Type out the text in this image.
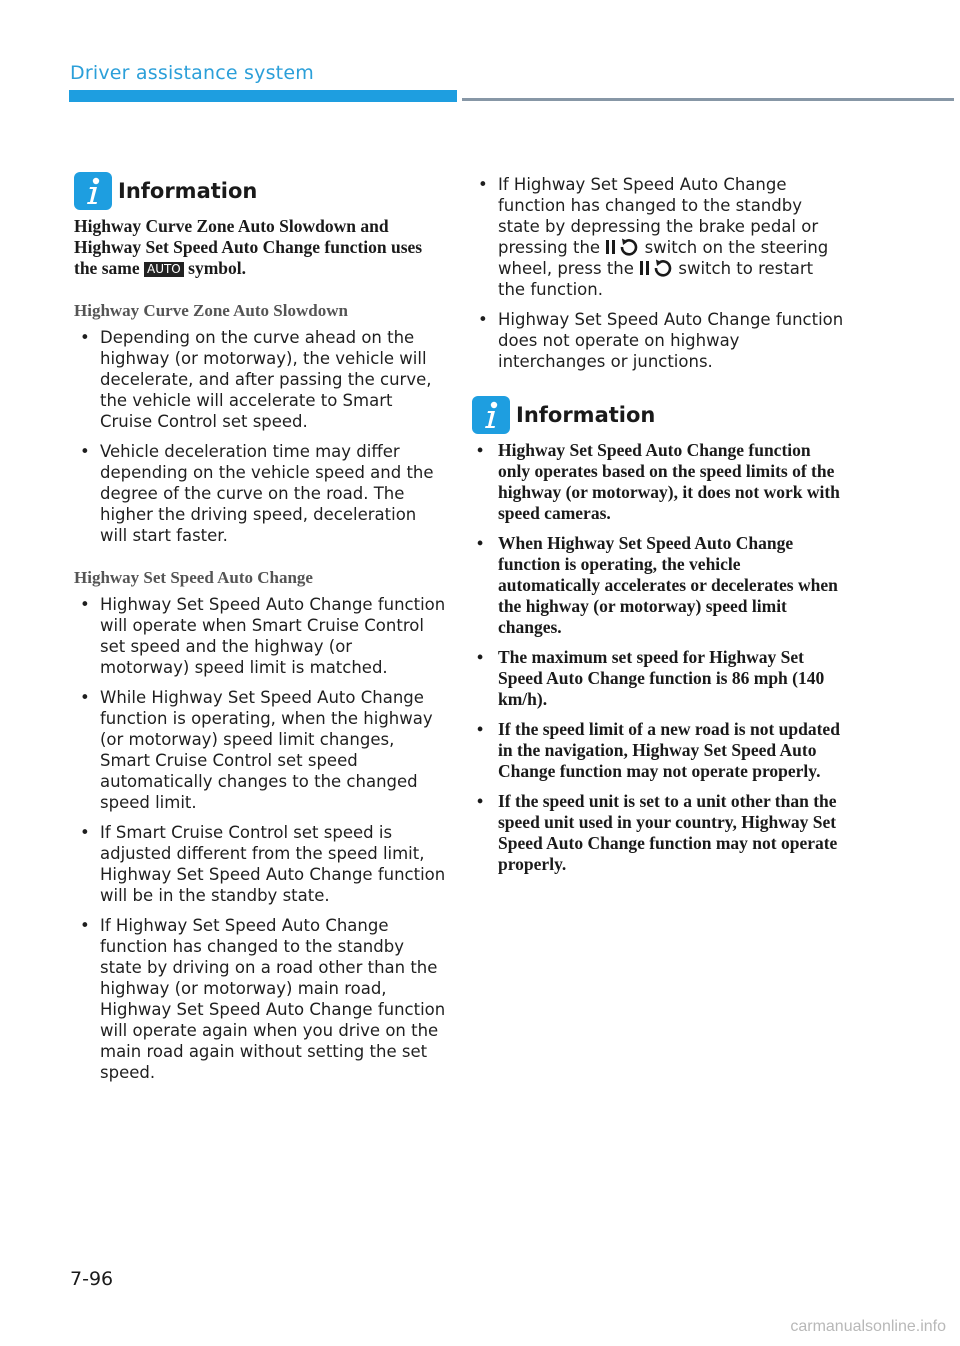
Driver assistance system
Information

Highway Curve Zone Auto Slowdown and Highway Set Speed Auto Change function uses the same AUTO symbol.

Highway Curve Zone Auto Slowdown
• Depending on the curve ahead on the highway (or motorway), the vehicle will decelerate, and after passing the curve, the vehicle will accelerate to Smart Cruise Control set speed.
• Vehicle deceleration time may differ depending on the vehicle speed and the degree of the curve on the road. The higher the driving speed, deceleration will start faster.
Highway Set Speed Auto Change
• Highway Set Speed Auto Change function will operate when Smart Cruise Control set speed and the highway (or motorway) speed limit is matched.
• While Highway Set Speed Auto Change function is operating, when the highway (or motorway) speed limit changes, Smart Cruise Control set speed automatically changes to the changed speed limit.
• If Smart Cruise Control set speed is adjusted different from the speed limit, Highway Set Speed Auto Change function will be in the standby state.
• If Highway Set Speed Auto Change function has changed to the standby state by driving on a road other than the highway (or motorway) main road, Highway Set Speed Auto Change function will operate again when you drive on the main road again without setting the set speed.
• If Highway Set Speed Auto Change function has changed to the standby state by depressing the brake pedal or pressing the  switch on the steering wheel, press the  switch to restart the function.
• Highway Set Speed Auto Change function does not operate on highway interchanges or junctions.
Information
• Highway Set Speed Auto Change function only operates based on the speed limits of the highway (or motorway), it does not work with speed cameras.
• When Highway Set Speed Auto Change function is operating, the vehicle automatically accelerates or decelerates when the highway (or motorway) speed limit changes.
• The maximum set speed for Highway Set Speed Auto Change function is 86 mph (140 km/h).
• If the speed limit of a new road is not updated in the navigation, Highway Set Speed Auto Change function may not operate properly.
• If the speed unit is set to a unit other than the speed unit used in your country, Highway Set Speed Auto Change function may not operate properly.
7-96
carmanualsonline.info
